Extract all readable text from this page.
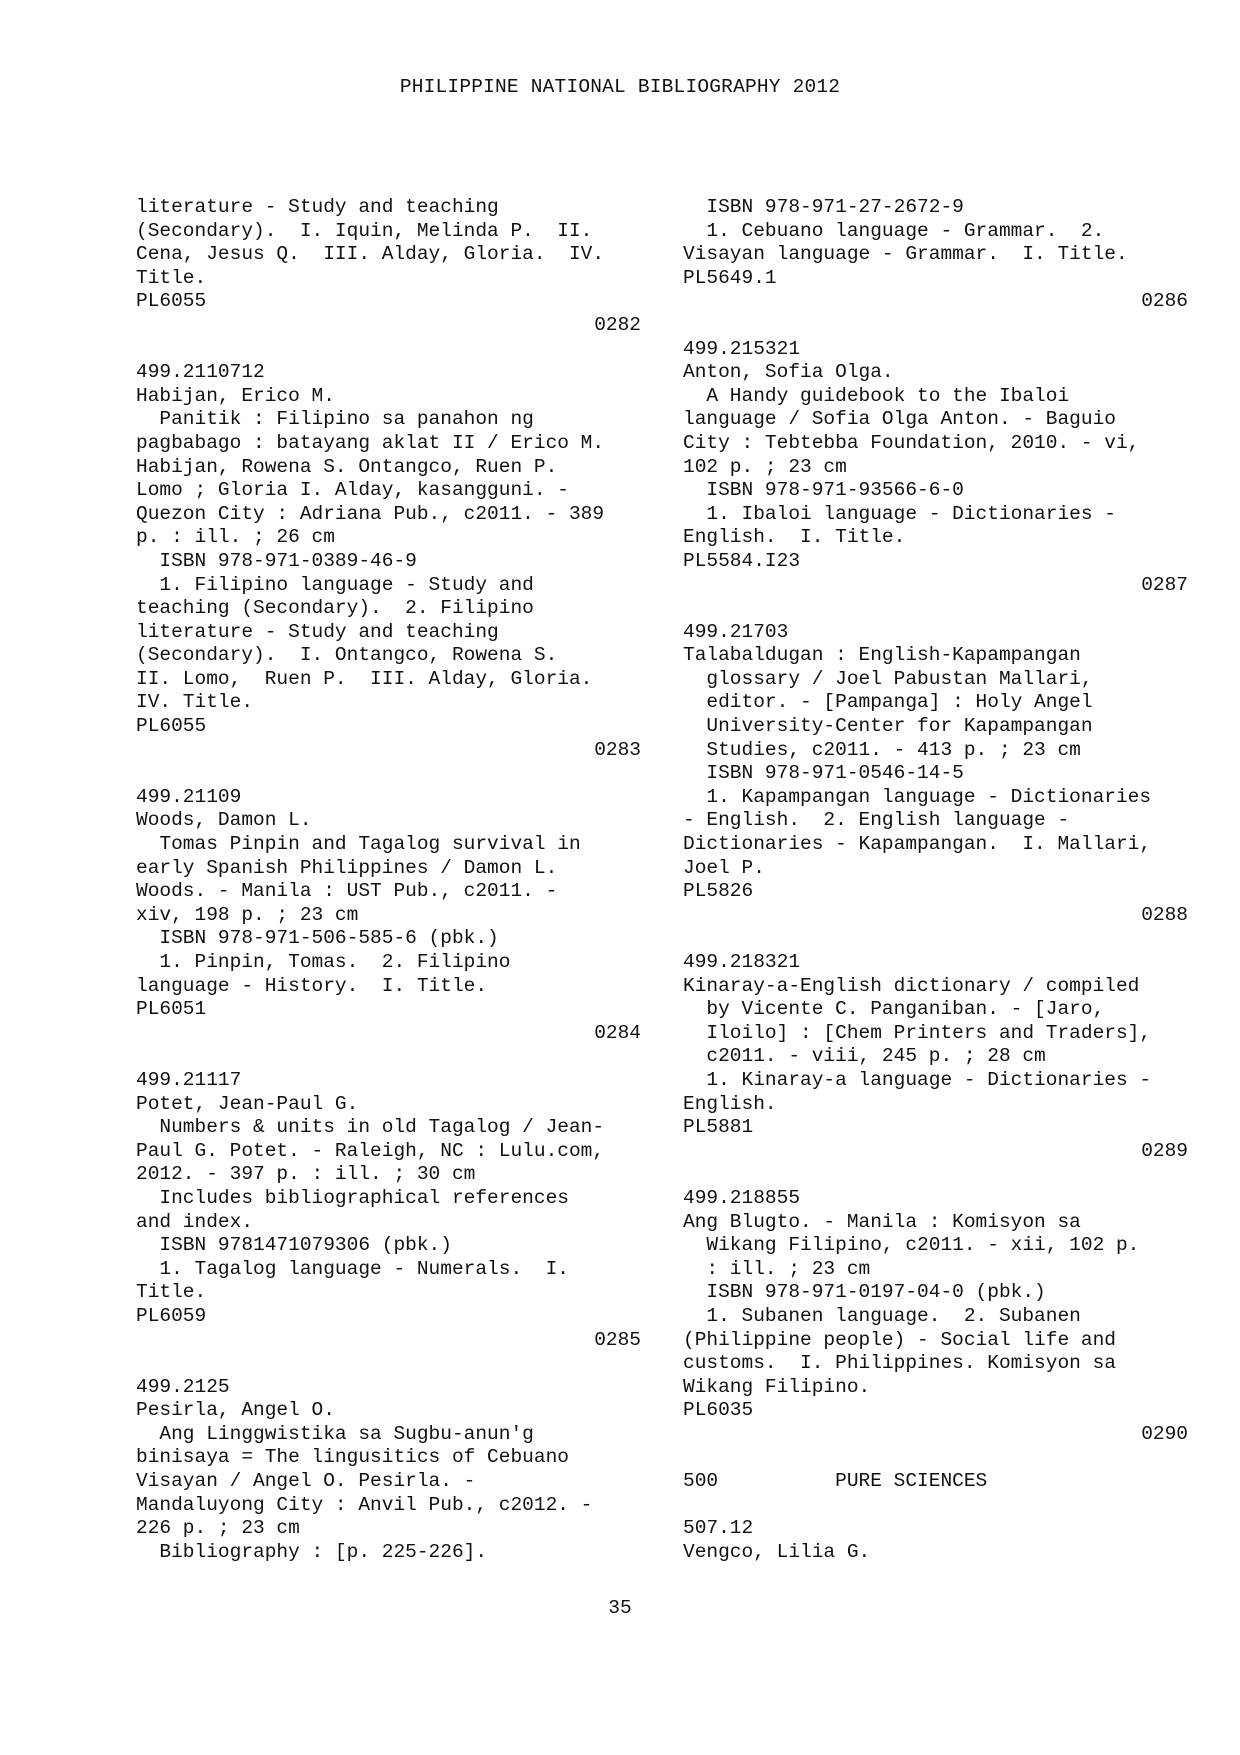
PHILIPPINE NATIONAL BIBLIOGRAPHY 2012
literature - Study and teaching
(Secondary).  I. Iquin, Melinda P.  II.
Cena, Jesus Q.  III. Alday, Gloria.  IV.
Title.
PL6055
0282
499.2110712
Habijan, Erico M.
Panitik : Filipino sa panahon ng
pagbabago : batayang aklat II / Erico M.
Habijan, Rowena S. Ontangco, Ruen P.
Lomo ; Gloria I. Alday, kasangguni. -
Quezon City : Adriana Pub., c2011. - 389
p. : ill. ; 26 cm
ISBN 978-971-0389-46-9
1. Filipino language - Study and
teaching (Secondary).  2. Filipino
literature - Study and teaching
(Secondary).  I. Ontangco, Rowena S.
II. Lomo,  Ruen P.  III. Alday, Gloria.
IV. Title.
PL6055
0283
499.21109
Woods, Damon L.
Tomas Pinpin and Tagalog survival in
early Spanish Philippines / Damon L.
Woods. - Manila : UST Pub., c2011. -
xiv, 198 p. ; 23 cm
ISBN 978-971-506-585-6 (pbk.)
1. Pinpin, Tomas.  2. Filipino
language - History.  I. Title.
PL6051
0284
499.21117
Potet, Jean-Paul G.
Numbers & units in old Tagalog / Jean-
Paul G. Potet. - Raleigh, NC : Lulu.com,
2012. - 397 p. : ill. ; 30 cm
Includes bibliographical references
and index.
ISBN 9781471079306 (pbk.)
1. Tagalog language - Numerals.  I.
Title.
PL6059
0285
499.2125
Pesirla, Angel O.
Ang Linggwistika sa Sugbu-anun'g
binisaya = The lingusitics of Cebuano
Visayan / Angel O. Pesirla. -
Mandaluyong City : Anvil Pub., c2012. -
226 p. ; 23 cm
Bibliography : [p. 225-226].
ISBN 978-971-27-2672-9
1. Cebuano language - Grammar.  2.
Visayan language - Grammar.  I. Title.
PL5649.1
0286
499.215321
Anton, Sofia Olga.
A Handy guidebook to the Ibaloi
language / Sofia Olga Anton. - Baguio
City : Tebtebba Foundation, 2010. - vi,
102 p. ; 23 cm
ISBN 978-971-93566-6-0
1. Ibaloi language - Dictionaries -
English.  I. Title.
PL5584.I23
0287
499.21703
Talabaldugan : English-Kapampangan
glossary / Joel Pabustan Mallari,
editor. - [Pampanga] : Holy Angel
University-Center for Kapampangan
Studies, c2011. - 413 p. ; 23 cm
ISBN 978-971-0546-14-5
1. Kapampangan language - Dictionaries
- English.  2. English language -
Dictionaries - Kapampangan.  I. Mallari,
Joel P.
PL5826
0288
499.218321
Kinaray-a-English dictionary / compiled
by Vicente C. Panganiban. - [Jaro,
Iloilo] : [Chem Printers and Traders],
c2011. - viii, 245 p. ; 28 cm
1. Kinaray-a language - Dictionaries -
English.
PL5881
0289
499.218855
Ang Blugto. - Manila : Komisyon sa
Wikang Filipino, c2011. - xii, 102 p.
: ill. ; 23 cm
ISBN 978-971-0197-04-0 (pbk.)
1. Subanen language.  2. Subanen
(Philippine people) - Social life and
customs.  I. Philippines. Komisyon sa
Wikang Filipino.
PL6035
0290
500          PURE SCIENCES
507.12
Vengco, Lilia G.
35
